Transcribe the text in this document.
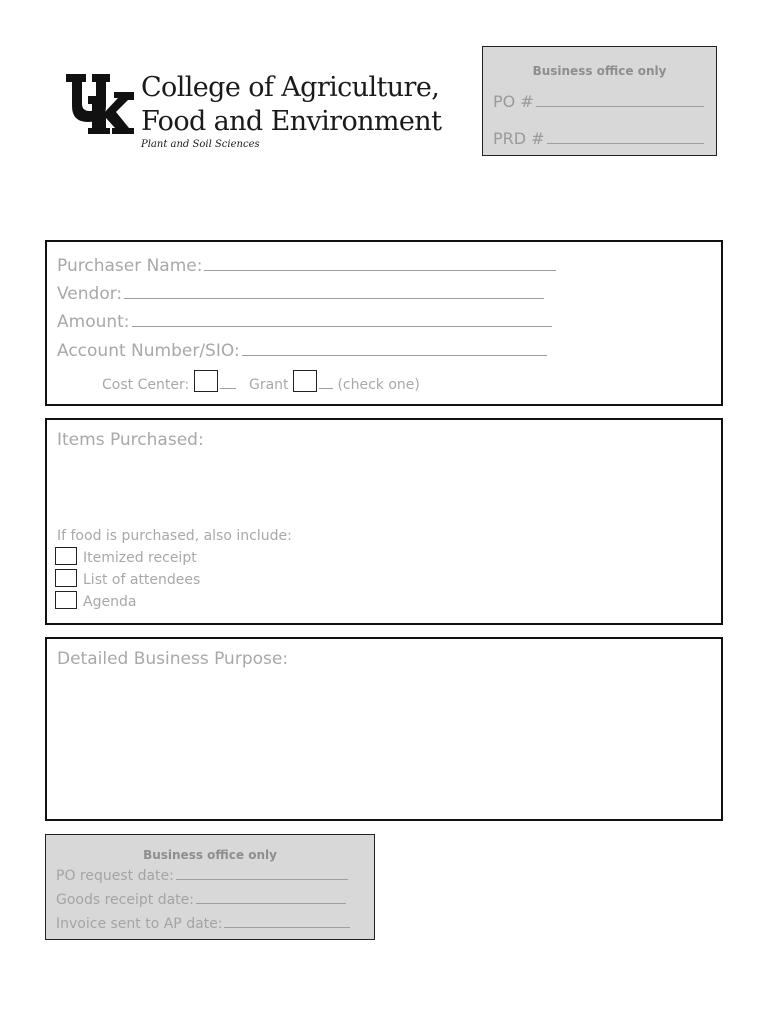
College of Agriculture,
Food and Environment
Plant and Soil Sciences
Business office only
PO #
PRD #
Purchaser Name:
Vendor:
Amount:
Account Number/SIO:
Cost Center:	Grant	(check one)
Items Purchased:
If food is purchased, also include:
Itemized receipt
List of attendees
Agenda
Detailed Business Purpose:
Business office only
PO request date:
Goods receipt date:
Invoice sent to AP date:
